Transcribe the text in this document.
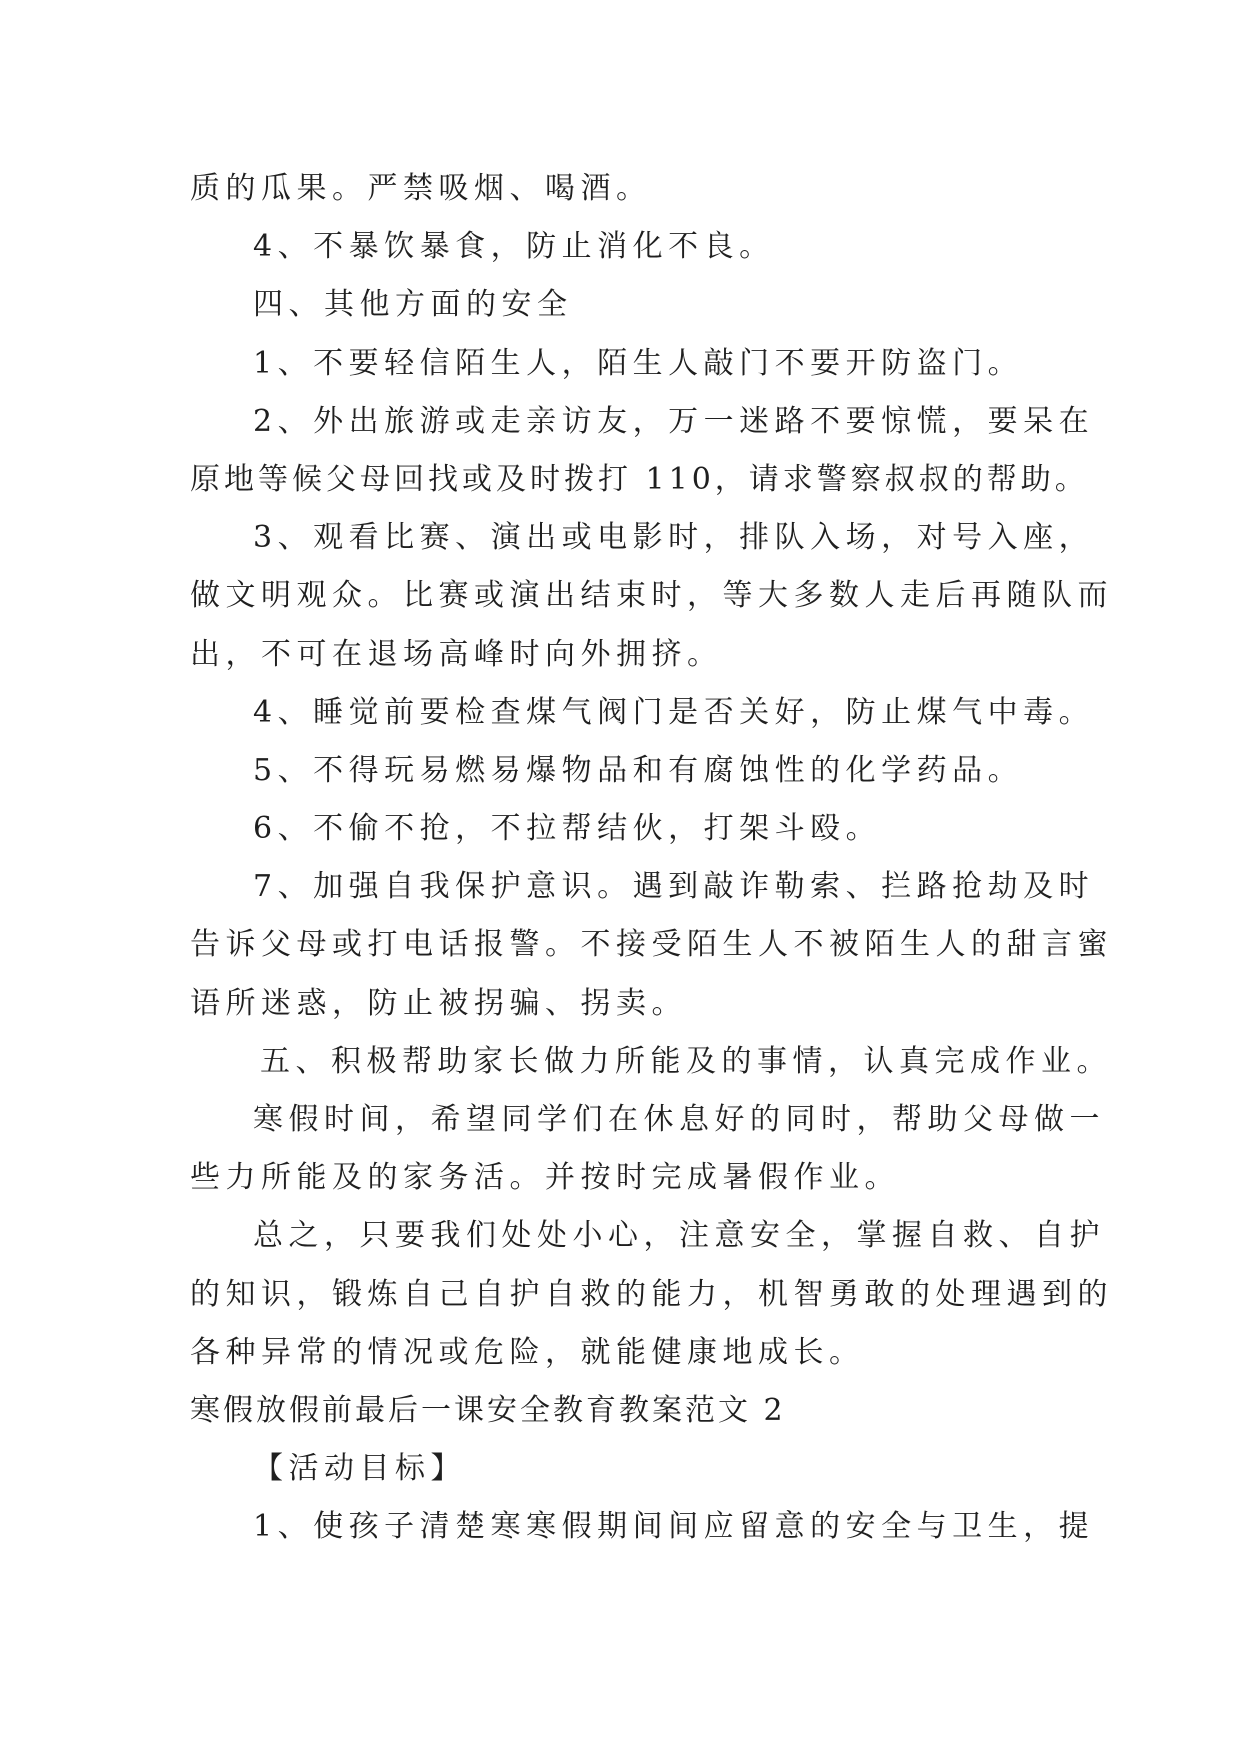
质的瓜果。严禁吸烟、喝酒。
4、不暴饮暴食，防止消化不良。
四、其他方面的安全
1、不要轻信陌生人，陌生人敲门不要开防盗门。
2、外出旅游或走亲访友，万一迷路不要惊慌，要呆在
原地等候父母回找或及时拨打 110，请求警察叔叔的帮助。
3、观看比赛、演出或电影时，排队入场，对号入座，
做文明观众。比赛或演出结束时，等大多数人走后再随队而
出，不可在退场高峰时向外拥挤。
4、睡觉前要检查煤气阀门是否关好，防止煤气中毒。
5、不得玩易燃易爆物品和有腐蚀性的化学药品。
6、不偷不抢，不拉帮结伙，打架斗殴。
7、加强自我保护意识。遇到敲诈勒索、拦路抢劫及时
告诉父母或打电话报警。不接受陌生人不被陌生人的甜言蜜
语所迷惑，防止被拐骗、拐卖。
五、积极帮助家长做力所能及的事情，认真完成作业。
寒假时间，希望同学们在休息好的同时，帮助父母做一
些力所能及的家务活。并按时完成暑假作业。
总之，只要我们处处小心，注意安全，掌握自救、自护
的知识，锻炼自己自护自救的能力，机智勇敢的处理遇到的
各种异常的情况或危险，就能健康地成长。
寒假放假前最后一课安全教育教案范文 2
【活动目标】
1、使孩子清楚寒寒假期间间应留意的安全与卫生，提
